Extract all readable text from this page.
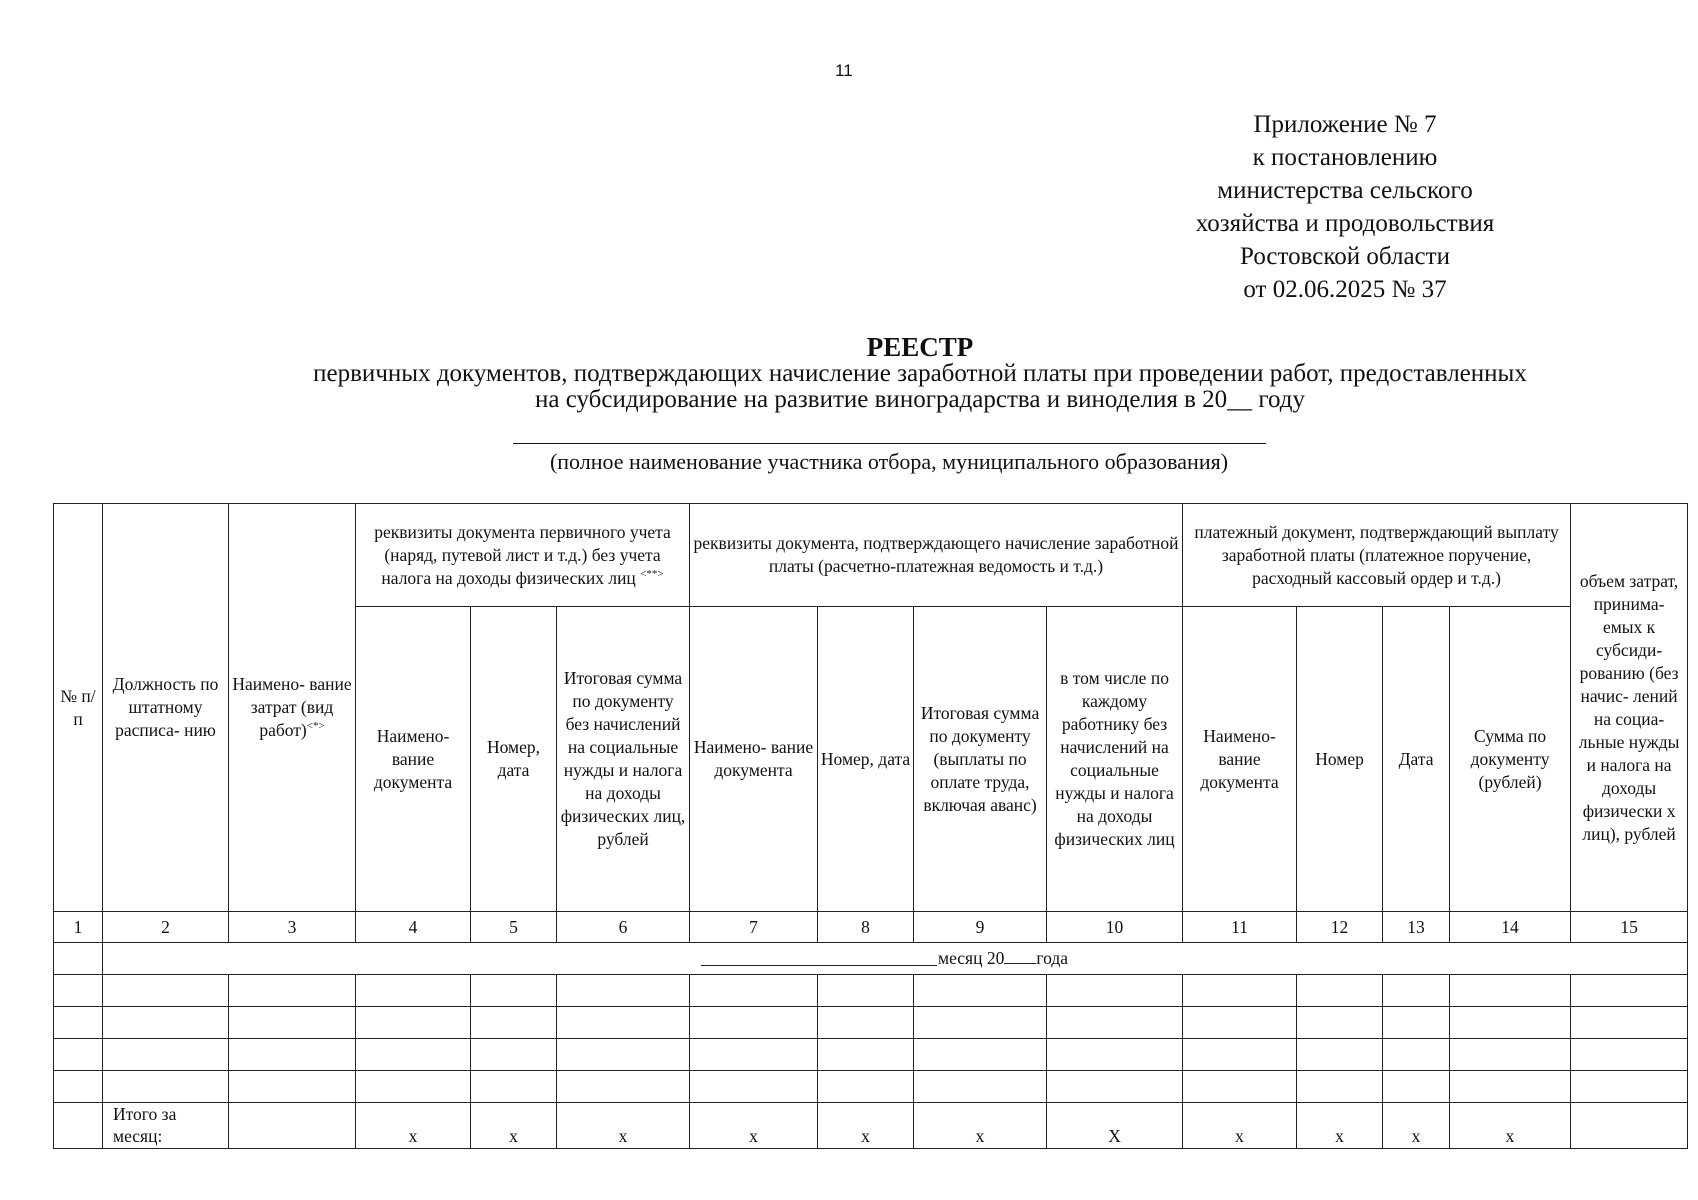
11
Приложение № 7
к постановлению
министерства сельского
хозяйства и продовольствия
Ростовской области
от 02.06.2025 № 37
РЕЕСТР
первичных документов, подтверждающих начисление заработной платы при проведении работ, предоставленных
на субсидирование на развитие виноградарства и виноделия в 20__ году
(полное наименование участника отбора, муниципального образования)
№ п/п	Должность по штатному расписа- нию	Наимено- вание затрат (вид работ)<*>	реквизиты документа первичного учета (наряд, путевой лист и т.д.) без учета налога на доходы физических лиц <**>			реквизиты документа, подтверждающего начисление заработной платы (расчетно-платежная ведомость и т.д.)				платежный документ, подтверждающий выплату заработной платы (платежное поручение, расходный кассовый ордер и т.д.)				объем затрат, принима- емых к субсиди- рованию (без начис- лений на социа- льные нужды и налога на доходы физически х лиц), рублей
			Наимено- вание документа	Номер, дата	Итоговая сумма по документу без начислений на социальные нужды и налога на доходы физических лиц, рублей	Наимено- вание документа	Номер, дата	Итоговая сумма по документу (выплаты по оплате труда, включая аванс)	в том числе по каждому работнику без начислений на социальные нужды и налога на доходы физических лиц	Наимено- вание документа	Номер	Дата	Сумма по документу (рублей)	
1	2	3	4	5	6	7	8	9	10	11	12	13	14	15

	месяц 20 года													

	Итого за месяц:		x	x	x	x	x	x	X	x	x	x	x	
